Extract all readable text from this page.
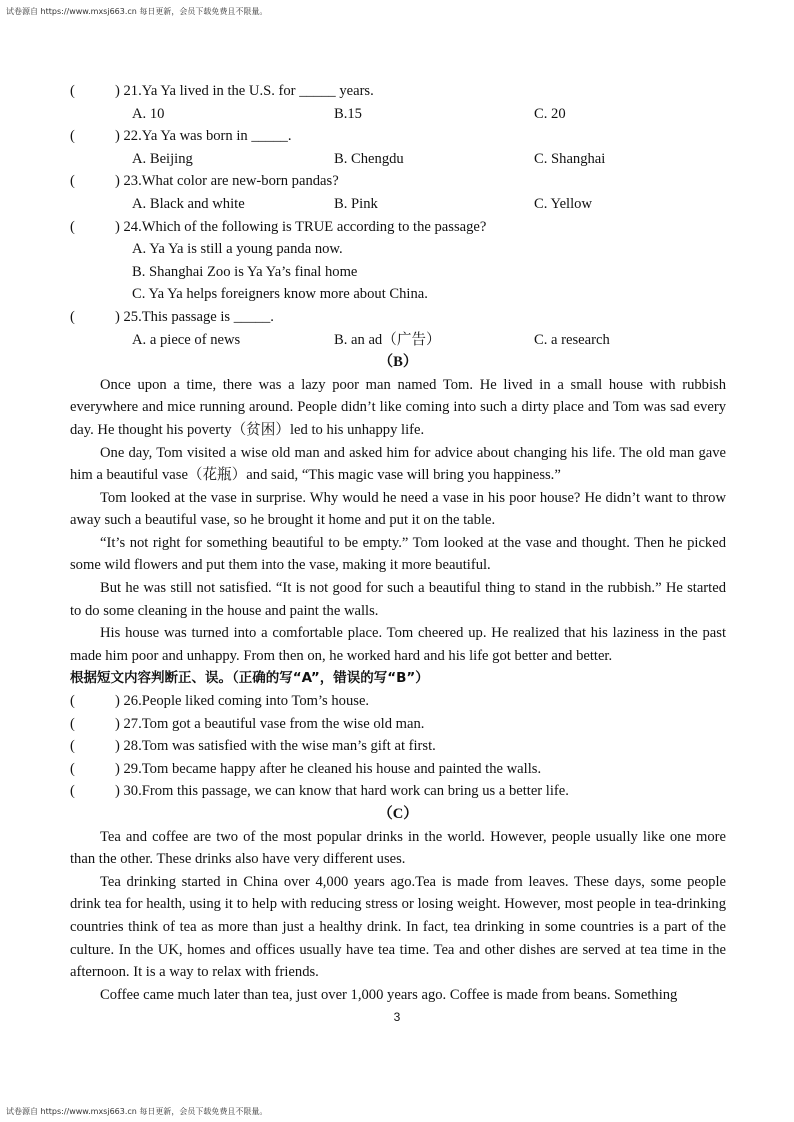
试卷源自 https://www.mxsj663.cn 每日更新，会员下载免费且不限量。
(	) 21.Ya Ya lived in the U.S. for _____ years.
A. 10	B.15	C. 20
(	) 22.Ya Ya was born in _____.
A. Beijing	B. Chengdu	C. Shanghai
(	) 23.What color are new-born pandas?
A. Black and white	B. Pink	C. Yellow
(	) 24.Which of the following is TRUE according to the passage?
A. Ya Ya is still a young panda now.
B. Shanghai Zoo is Ya Ya’s final home
C. Ya Ya helps foreigners know more about China.
(	) 25.This passage is _____.
A. a piece of news	B. an ad（广告）	C. a research
（B）

Once upon a time, there was a lazy poor man named Tom. He lived in a small house with rubbish everywhere and mice running around. People didn’t like coming into such a dirty place and Tom was sad every day. He thought his poverty（贫困）led to his unhappy life.

One day, Tom visited a wise old man and asked him for advice about changing his life. The old man gave him a beautiful vase（花瓶）and said, “This magic vase will bring you happiness.”

Tom looked at the vase in surprise. Why would he need a vase in his poor house? He didn’t want to throw away such a beautiful vase, so he brought it home and put it on the table.

“It’s not right for something beautiful to be empty.” Tom looked at the vase and thought. Then he picked some wild flowers and put them into the vase, making it more beautiful.

But he was still not satisfied. “It is not good for such a beautiful thing to stand in the rubbish.” He started to do some cleaning in the house and paint the walls.

His house was turned into a comfortable place. Tom cheered up. He realized that his laziness in the past made him poor and unhappy. From then on, he worked hard and his life got better and better.

根据短文内容判断正、误。（正确的写“A”，错误的写“B”）
(	) 26.People liked coming into Tom’s house.
(	) 27.Tom got a beautiful vase from the wise old man.
(	) 28.Tom was satisfied with the wise man’s gift at first.
(	) 29.Tom became happy after he cleaned his house and painted the walls.
(	) 30.From this passage, we can know that hard work can bring us a better life.
（C）

Tea and coffee are two of the most popular drinks in the world. However, people usually like one more than the other. These drinks also have very different uses.

Tea drinking started in China over 4,000 years ago.Tea is made from leaves. These days, some people drink tea for health, using it to help with reducing stress or losing weight. However, most people in tea-drinking countries think of tea as more than just a healthy drink. In fact, tea drinking in some countries is a part of the culture. In the UK, homes and offices usually have tea time. Tea and other dishes are served at tea time in the afternoon. It is a way to relax with friends.

Coffee came much later than tea, just over 1,000 years ago. Coffee is made from beans. Something

3
试卷源自 https://www.mxsj663.cn 每日更新，会员下载免费且不限量。
